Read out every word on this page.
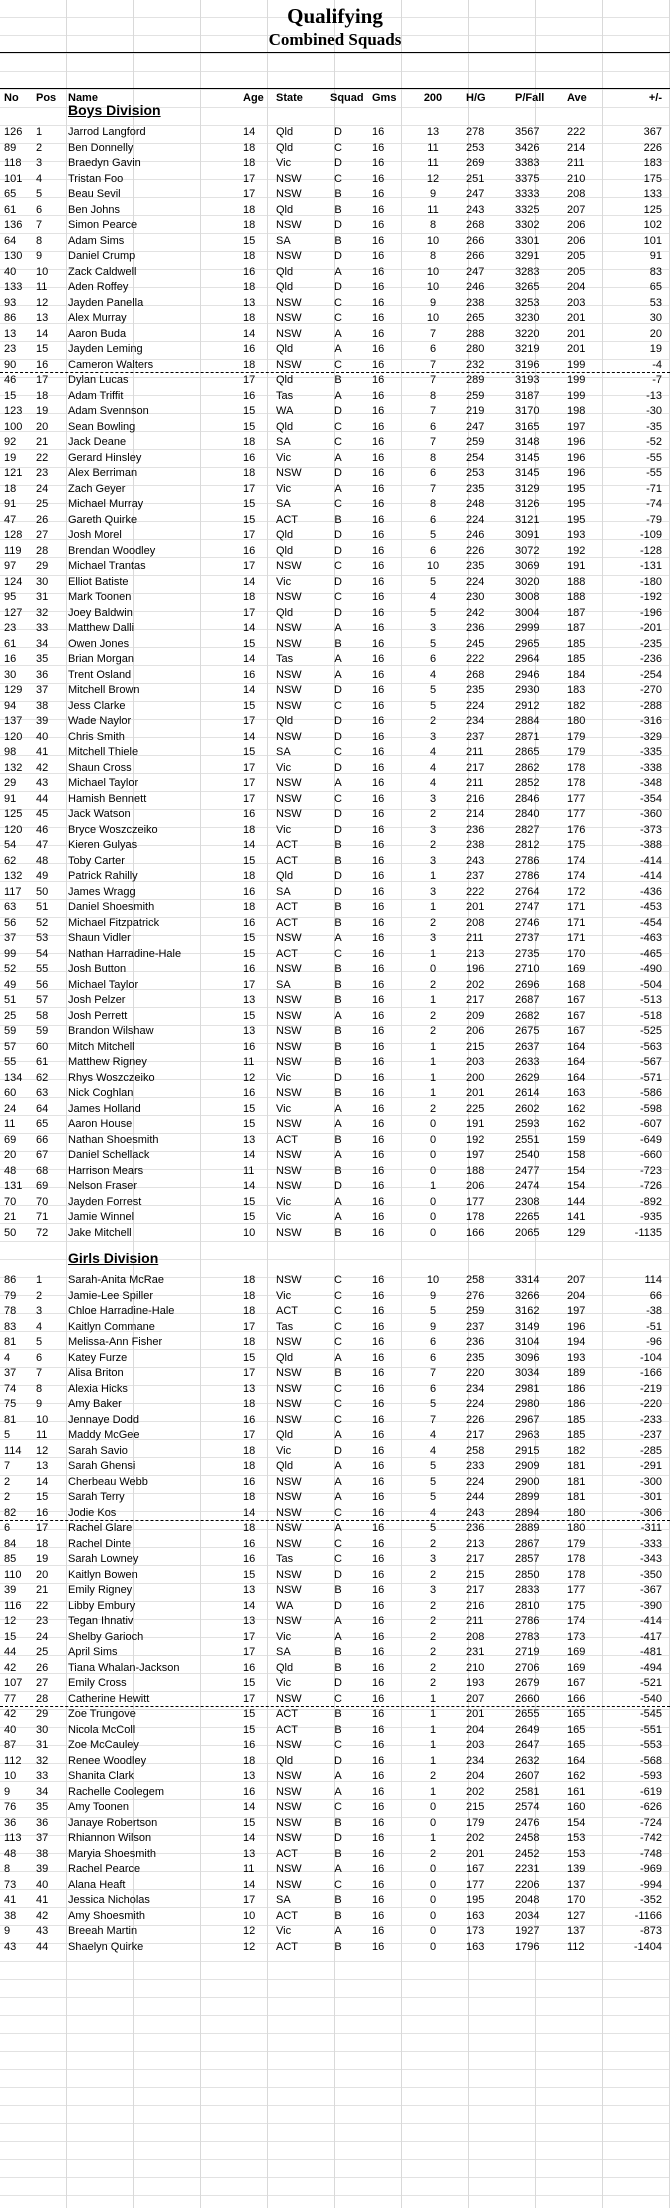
Qualifying
Combined Squads
No Pos Name	Age State Squad Gms 200 H/G	P/Fall Ave	+/-
Boys Division
126 1 Jarrod Langford	14	Qld	D	16	13	278	3567	222	367
89 2 Ben Donnelly	18	Qld	C	16	11	253	3426	214	226
118 3 Braedyn Gavin	18	Vic	D	16	11	269	3383	211	183
101 4 Tristan Foo	17	NSW	C	16	12	251	3375	210	175
65 5 Beau Sevil	17	NSW	B	16	9	247	3333	208	133
61 6 Ben Johns	18	Qld	B	16	11	243	3325	207	125
136 7 Simon Pearce	18	NSW	D	16	8	268	3302	206	102
64 8 Adam Sims	15	SA	B	16	10	266	3301	206	101
130 9 Daniel Crump	18	NSW	D	16	8	266	3291	205	91
40 10 Zack Caldwell	16	Qld	A	16	10	247	3283	205	83
133 11 Aden Roffey	18	Qld	D	16	10	246	3265	204	65
93 12 Jayden Panella	13	NSW	C	16	9	238	3253	203	53
86 13 Alex Murray	18	NSW	C	16	10	265	3230	201	30
13 14 Aaron Buda	14	NSW	A	16	7	288	3220	201	20
23 15 Jayden Leming	16	Qld	A	16	6	280	3219	201	19
90 16 Cameron Walters	18	NSW	C	16	7	232	3196	199	-4
46 17 Dylan Lucas	17	Qld	B	16	7	289	3193	199	-7
15 18 Adam Triffit	16	Tas	A	16	8	259	3187	199	-13
123 19 Adam Svennson	15	WA	D	16	7	219	3170	198	-30
100 20 Sean Bowling	15	Qld	C	16	6	247	3165	197	-35
92 21 Jack Deane	18	SA	C	16	7	259	3148	196	-52
19 22 Gerard Hinsley	16	Vic	A	16	8	254	3145	196	-55
121 23 Alex Berriman	18	NSW	D	16	6	253	3145	196	-55
18 24 Zach Geyer	17	Vic	A	16	7	235	3129	195	-71
91 25 Michael Murray	15	SA	C	16	8	248	3126	195	-74
47 26 Gareth Quirke	15	ACT	B	16	6	224	3121	195	-79
128 27 Josh Morel	17	Qld	D	16	5	246	3091	193	-109
119 28 Brendan Woodley	16	Qld	D	16	6	226	3072	192	-128
97 29 Michael Trantas	17	NSW	C	16	10	235	3069	191	-131
124 30 Elliot Batiste	14	Vic	D	16	5	224	3020	188	-180
95 31 Mark Toonen	18	NSW	C	16	4	230	3008	188	-192
127 32 Joey Baldwin	17	Qld	D	16	5	242	3004	187	-196
23 33 Matthew Dalli	14	NSW	A	16	3	236	2999	187	-201
61 34 Owen Jones	15	NSW	B	16	5	245	2965	185	-235
16 35 Brian Morgan	14	Tas	A	16	6	222	2964	185	-236
30 36 Trent Osland	16	NSW	A	16	4	268	2946	184	-254
129 37 Mitchell Brown	14	NSW	D	16	5	235	2930	183	-270
94 38 Jess Clarke	15	NSW	C	16	5	224	2912	182	-288
137 39 Wade Naylor	17	Qld	D	16	2	234	2884	180	-316
120 40 Chris Smith	14	NSW	D	16	3	237	2871	179	-329
98 41 Mitchell Thiele	15	SA	C	16	4	211	2865	179	-335
132 42 Shaun Cross	17	Vic	D	16	4	217	2862	178	-338
29 43 Michael Taylor	17	NSW	A	16	4	211	2852	178	-348
91 44 Hamish Bennett	17	NSW	C	16	3	216	2846	177	-354
125 45 Jack Watson	16	NSW	D	16	2	214	2840	177	-360
120 46 Bryce Woszczeiko	18	Vic	D	16	3	236	2827	176	-373
54 47 Kieren Gulyas	14	ACT	B	16	2	238	2812	175	-388
62 48 Toby Carter	15	ACT	B	16	3	243	2786	174	-414
132 49 Patrick Rahilly	18	Qld	D	16	1	237	2786	174	-414
117 50 James Wragg	16	SA	D	16	3	222	2764	172	-436
63 51 Daniel Shoesmith	18	ACT	B	16	1	201	2747	171	-453
56 52 Michael Fitzpatrick	16	ACT	B	16	2	208	2746	171	-454
37 53 Shaun Vidler	15	NSW	A	16	3	211	2737	171	-463
99 54 Nathan Harradine-Hale	15	ACT	C	16	1	213	2735	170	-465
52 55 Josh Button	16	NSW	B	16	0	196	2710	169	-490
49 56 Michael Taylor	17	SA	B	16	2	202	2696	168	-504
51 57 Josh Pelzer	13	NSW	B	16	1	217	2687	167	-513
25 58 Josh Perrett	15	NSW	A	16	2	209	2682	167	-518
59 59 Brandon Wilshaw	13	NSW	B	16	2	206	2675	167	-525
57 60 Mitch Mitchell	16	NSW	B	16	1	215	2637	164	-563
55 61 Matthew Rigney	11	NSW	B	16	1	203	2633	164	-567
134 62 Rhys Woszczeiko	12	Vic	D	16	1	200	2629	164	-571
60 63 Nick Coghlan	16	NSW	B	16	1	201	2614	163	-586
24 64 James Holland	15	Vic	A	16	2	225	2602	162	-598
11 65 Aaron House	15	NSW	A	16	0	191	2593	162	-607
69 66 Nathan Shoesmith	13	ACT	B	16	0	192	2551	159	-649
20 67 Daniel Schellack	14	NSW	A	16	0	197	2540	158	-660
48 68 Harrison Mears	11	NSW	B	16	0	188	2477	154	-723
131 69 Nelson Fraser	14	NSW	D	16	1	206	2474	154	-726
70 70 Jayden Forrest	15	Vic	A	16	0	177	2308	144	-892
21 71 Jamie Winnel	15	Vic	A	16	0	178	2265	141	-935
50 72 Jake Mitchell	10	NSW	B	16	0	166	2065	129	-1135
Girls Division
86 1 Sarah-Anita McRae	18	NSW	C	16	10	258	3314	207	114
79 2 Jamie-Lee Spiller	18	Vic	C	16	9	276	3266	204	66
78 3 Chloe Harradine-Hale	18	ACT	C	16	5	259	3162	197	-38
83 4 Kaitlyn Commane	17	Tas	C	16	9	237	3149	196	-51
81 5 Melissa-Ann Fisher	18	NSW	C	16	6	236	3104	194	-96
4 6 Katey Furze	15	Qld	A	16	6	235	3096	193	-104
37 7 Alisa Briton	17	NSW	B	16	7	220	3034	189	-166
74 8 Alexia Hicks	13	NSW	C	16	6	234	2981	186	-219
75 9 Amy Baker	18	NSW	C	16	5	224	2980	186	-220
81 10 Jennaye Dodd	16	NSW	C	16	7	226	2967	185	-233
5 11 Maddy McGee	17	Qld	A	16	4	217	2963	185	-237
114 12 Sarah Savio	18	Vic	D	16	4	258	2915	182	-285
7 13 Sarah Ghensi	18	Qld	A	16	5	233	2909	181	-291
2 14 Cherbeau Webb	16	NSW	A	16	5	224	2900	181	-300
2 15 Sarah Terry	18	NSW	A	16	5	244	2899	181	-301
82 16 Jodie Kos	14	NSW	C	16	4	243	2894	180	-306
6 17 Rachel Glare	18	NSW	A	16	5	236	2889	180	-311
84 18 Rachel Dinte	16	NSW	C	16	2	213	2867	179	-333
85 19 Sarah Lowney	16	Tas	C	16	3	217	2857	178	-343
110 20 Kaitlyn Bowen	15	NSW	D	16	2	215	2850	178	-350
39 21 Emily Rigney	13	NSW	B	16	3	217	2833	177	-367
116 22 Libby Embury	14	WA	D	16	2	216	2810	175	-390
12 23 Tegan Ihnativ	13	NSW	A	16	2	211	2786	174	-414
15 24 Shelby Garioch	17	Vic	A	16	2	208	2783	173	-417
44 25 April Sims	17	SA	B	16	2	231	2719	169	-481
42 26 Tiana Whalan-Jackson	16	Qld	B	16	2	210	2706	169	-494
107 27 Emily Cross	15	Vic	D	16	2	193	2679	167	-521
77 28 Catherine Hewitt	17	NSW	C	16	1	207	2660	166	-540
42 29 Zoe Trungove	15	ACT	B	16	1	201	2655	165	-545
40 30 Nicola McColl	15	ACT	B	16	1	204	2649	165	-551
87 31 Zoe McCauley	16	NSW	C	16	1	203	2647	165	-553
112 32 Renee Woodley	18	Qld	D	16	1	234	2632	164	-568
10 33 Shanita Clark	13	NSW	A	16	2	204	2607	162	-593
9 34 Rachelle Coolegem	16	NSW	A	16	1	202	2581	161	-619
76 35 Amy Toonen	14	NSW	C	16	0	215	2574	160	-626
36 36 Janaye Robertson	15	NSW	B	16	0	179	2476	154	-724
113 37 Rhiannon Wilson	14	NSW	D	16	1	202	2458	153	-742
48 38 Maryia Shoesmith	13	ACT	B	16	2	201	2452	153	-748
8 39 Rachel Pearce	11	NSW	A	16	0	167	2231	139	-969
73 40 Alana Heaft	14	NSW	C	16	0	177	2206	137	-994
41 41 Jessica Nicholas	17	SA	B	16	0	195	2048	170	-352
38 42 Amy Shoesmith	10	ACT	B	16	0	163	2034	127	-1166
9 43 Breeah Martin	12	Vic	A	16	0	173	1927	137	-873
43 44 Shaelyn Quirke	12	ACT	B	16	0	163	1796	112	-1404
